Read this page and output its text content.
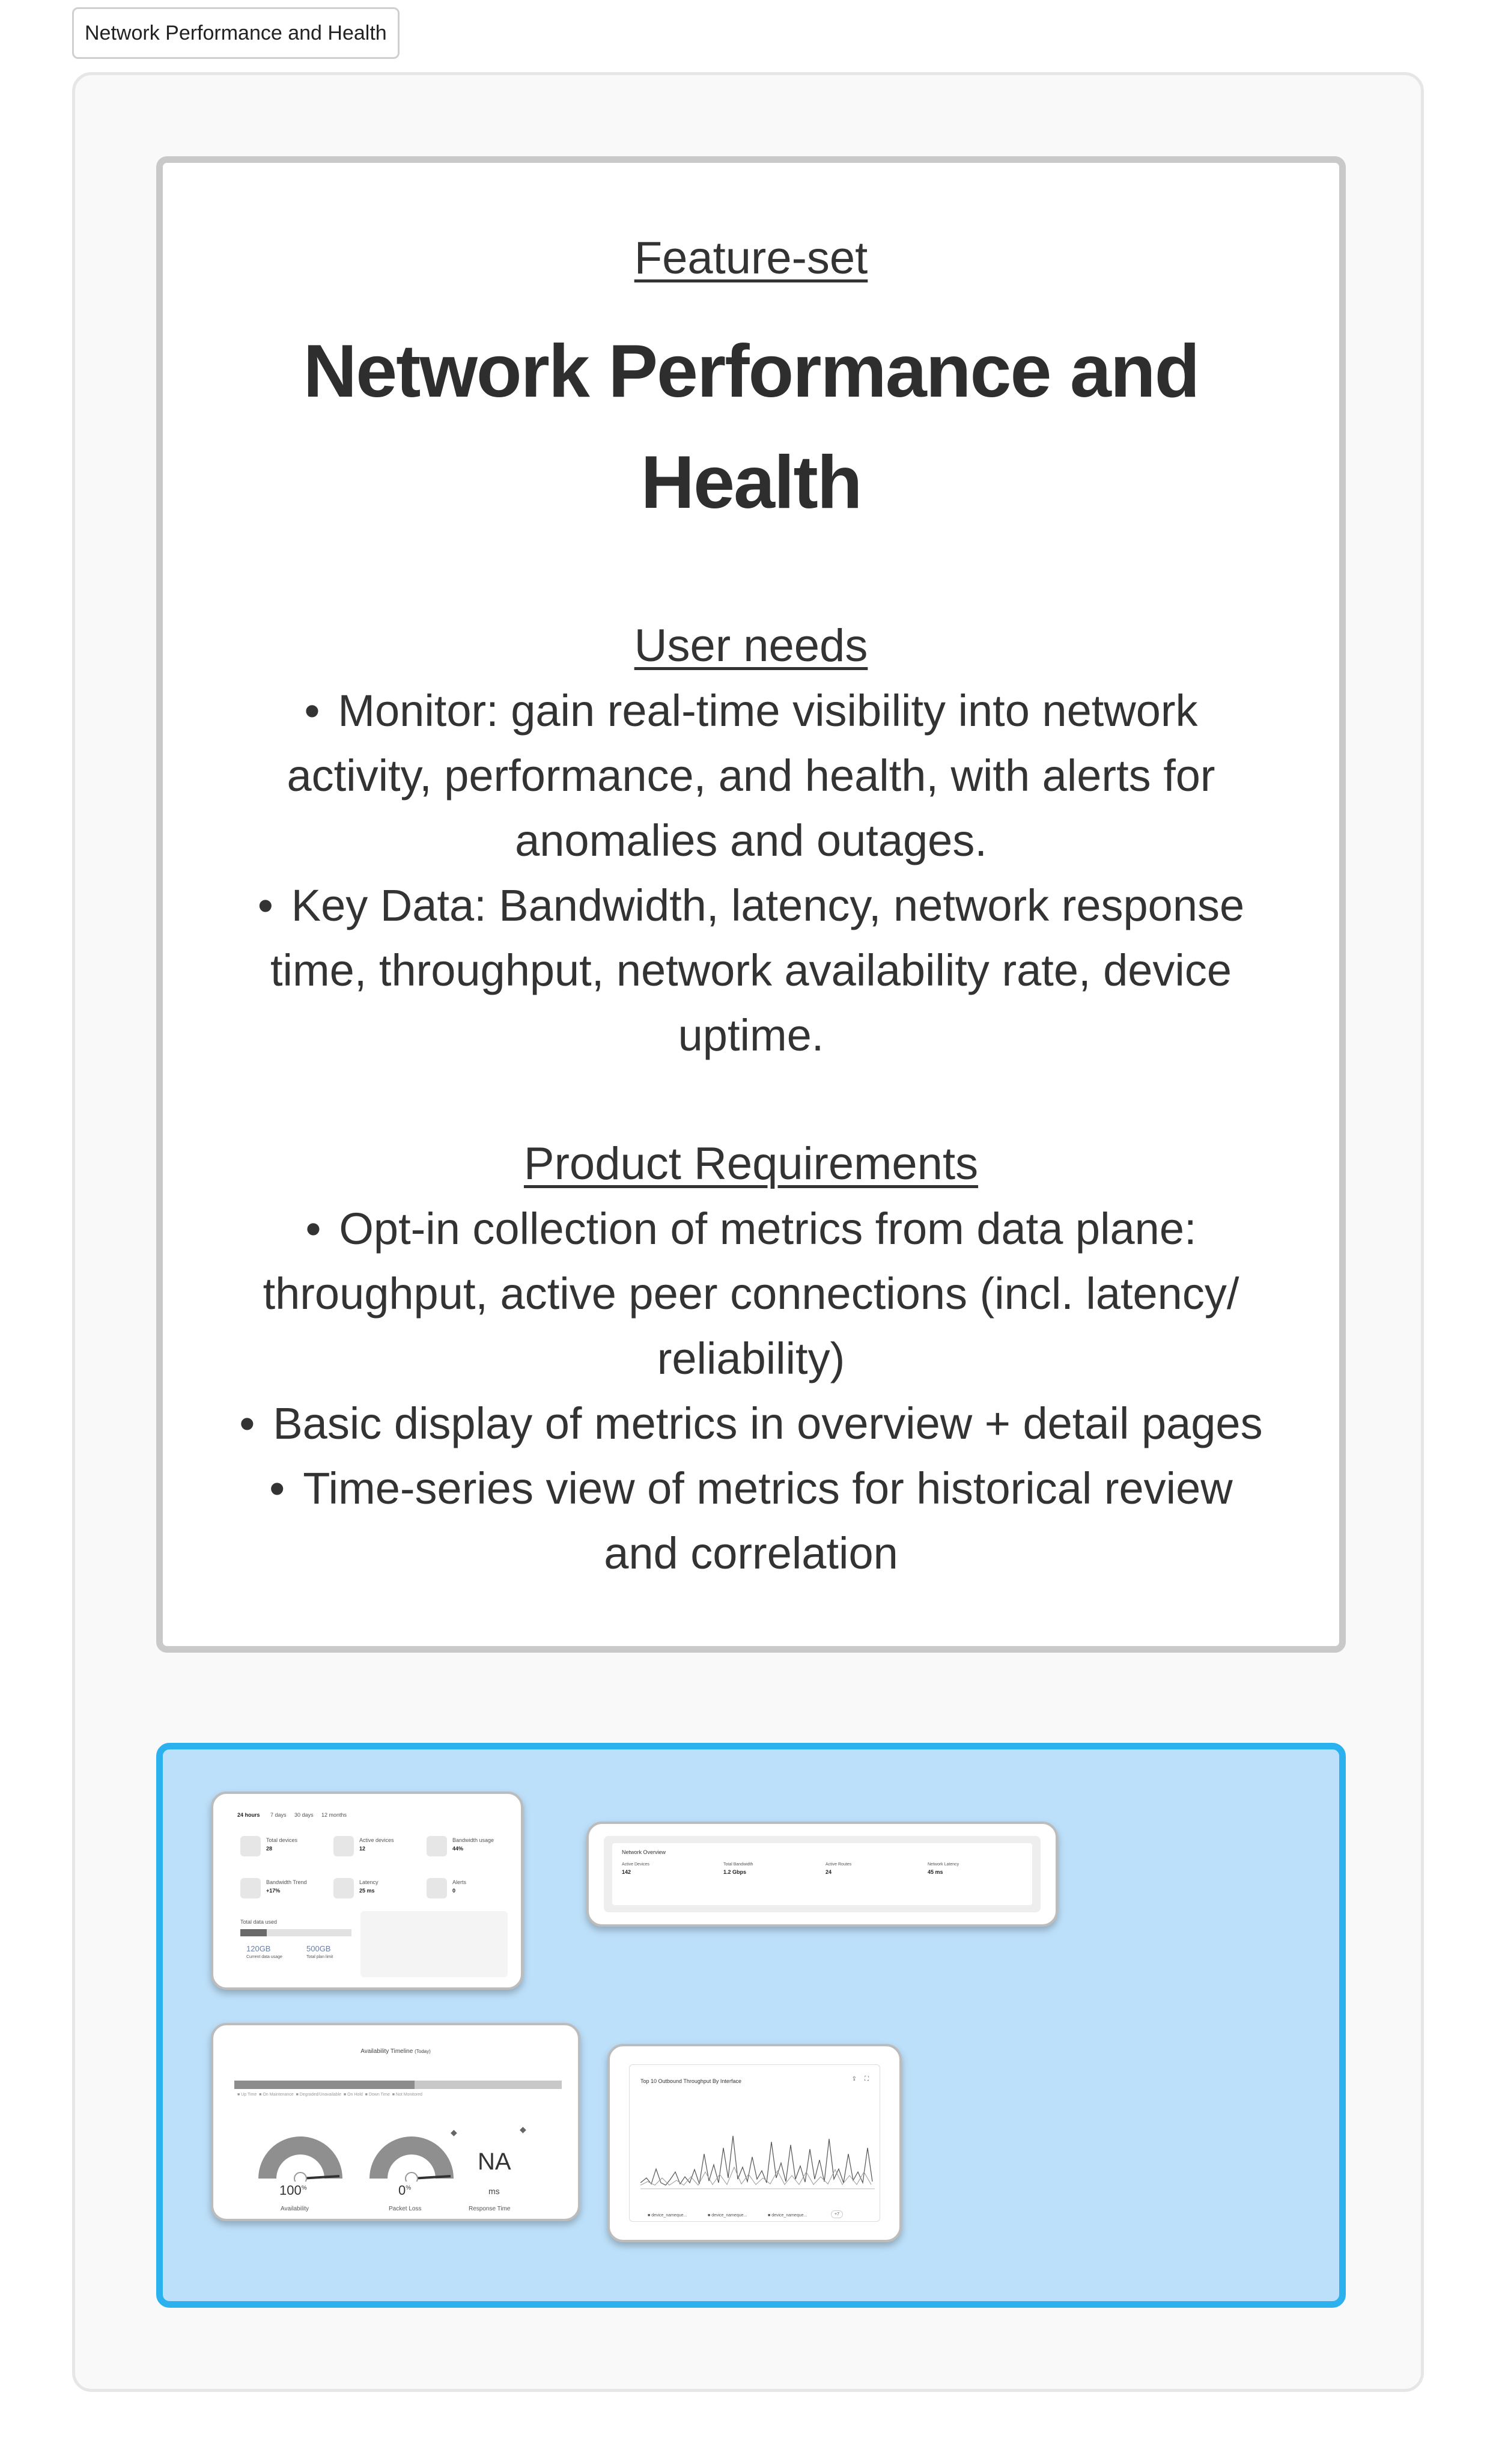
Network Performance and Health
Feature-set
Network Performance and Health
User needs
• Monitor: gain real-time visibility into network activity, performance, and health, with alerts for anomalies and outages.
• Key Data: Bandwidth, latency, network response time, throughput, network availability rate, device uptime.
Product Requirements
• Opt-in collection of metrics from data plane: throughput, active peer connections (incl. latency/ reliability)
• Basic display of metrics in overview + detail pages
• Time-series view of metrics for historical review and correlation
24 hours 7 days 30 days 12 months
Total devices
28
Active devices
12
Bandwidth usage
44%
Bandwidth Trend
+17%
Latency
25 ms
Alerts
0
Total data used
120GB
Current data usage
500GB
Total plan limit
Network Overview
Active Devices
142
Total Bandwidth
1.2 Gbps
Active Routes
24
Network Latency
45 ms
Availability Timeline (Today)
■ Up Time  ■ On Maintenance  ■ Degraded/Unavailable  ■ On Hold  ■ Down Time  ■ Not Monitored
100%
Availability
0%
Packet Loss
NA
ms
Response Time
◆	◆
Top 10 Outbound Throughput By Interface	⇪ ⛶
■ device_nameque...	■ device_nameque...	■ device_nameque...	+7
